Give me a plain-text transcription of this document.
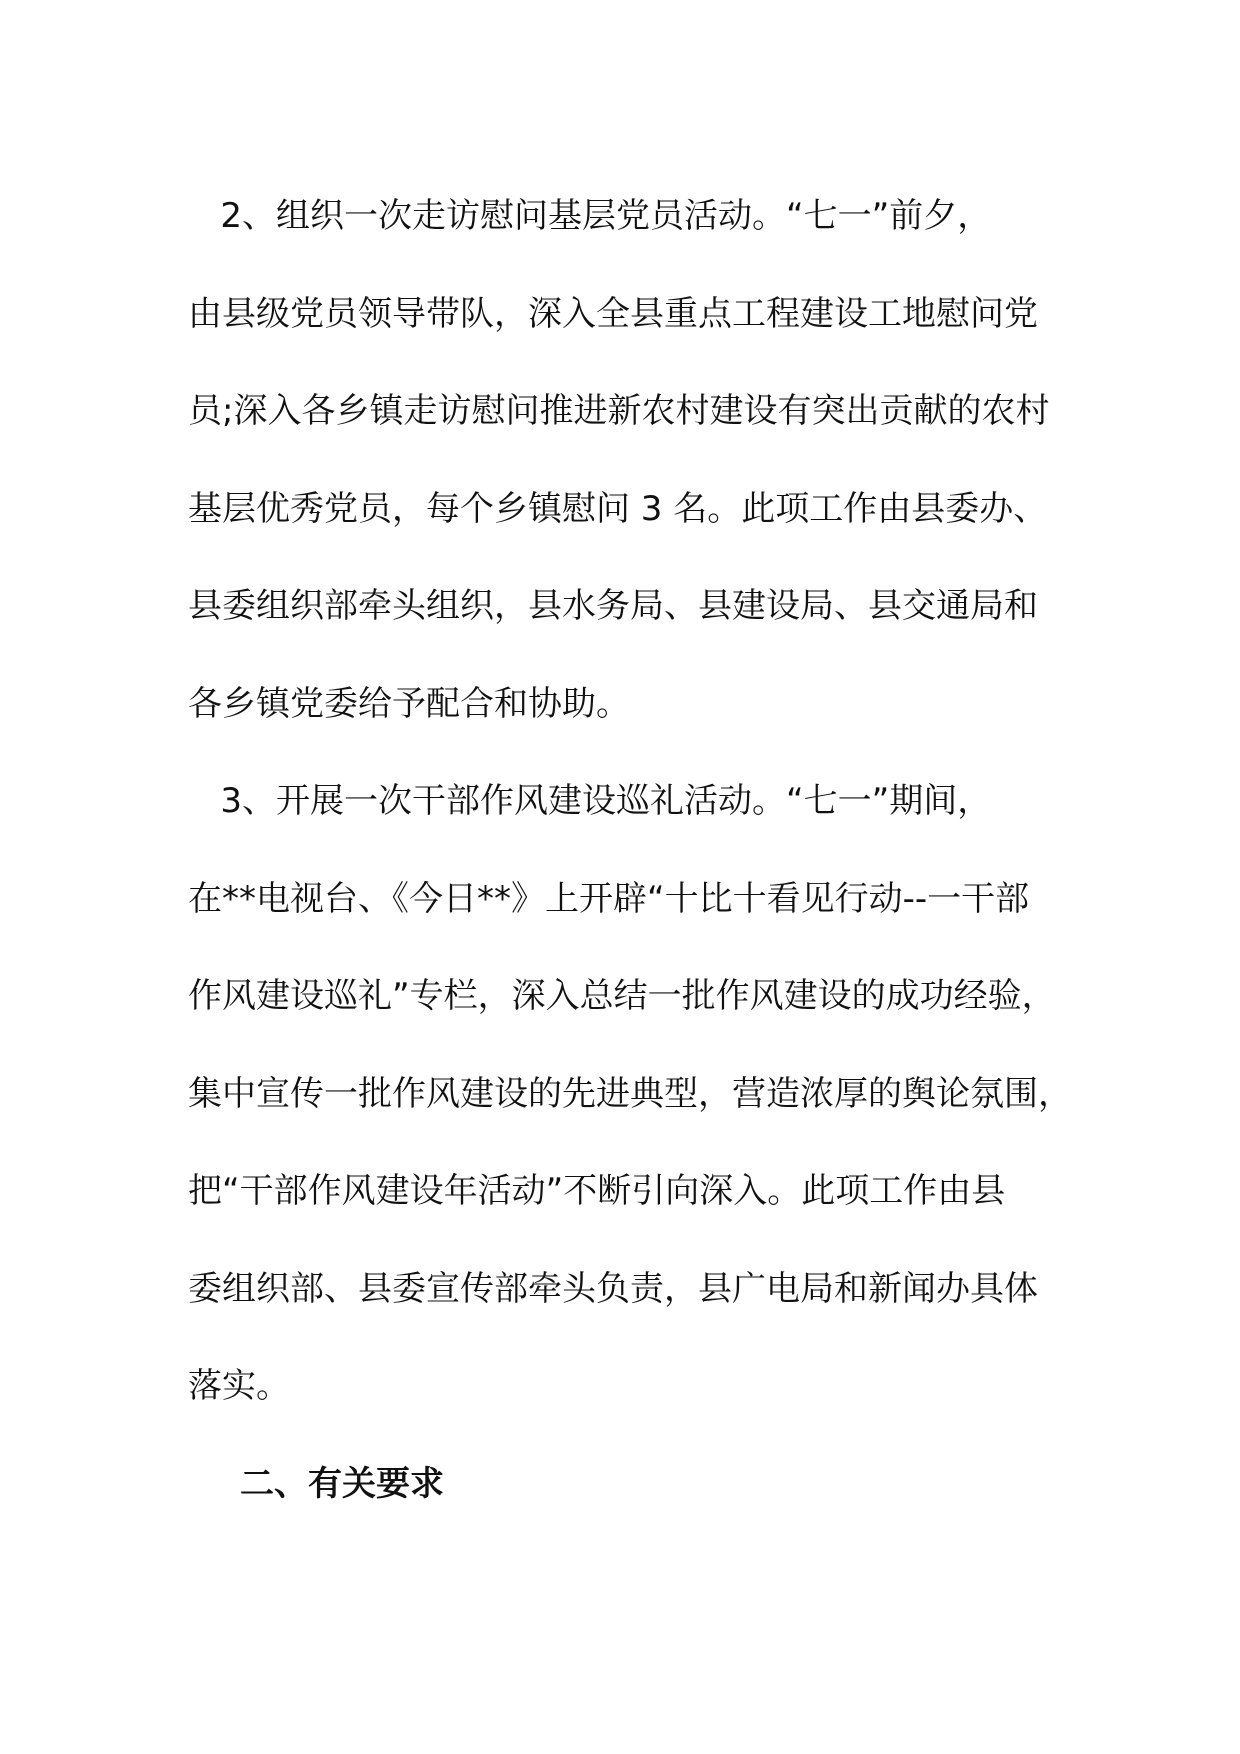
2、组织一次走访慰问基层党员活动。“七一”前夕，
由县级党员领导带队，深入全县重点工程建设工地慰问党
员;深入各乡镇走访慰问推进新农村建设有突出贡献的农村
基层优秀党员，每个乡镇慰问 3 名。此项工作由县委办、
县委组织部牵头组织，县水务局、县建设局、县交通局和
各乡镇党委给予配合和协助。

3、开展一次干部作风建设巡礼活动。“七一”期间，
在**电视台、《今日**》上开辟“十比十看见行动--一干部
作风建设巡礼”专栏，深入总结一批作风建设的成功经验，
集中宣传一批作风建设的先进典型，营造浓厚的舆论氛围，
把“干部作风建设年活动”不断引向深入。此项工作由县
委组织部、县委宣传部牵头负责，县广电局和新闻办具体
落实。

二、有关要求
